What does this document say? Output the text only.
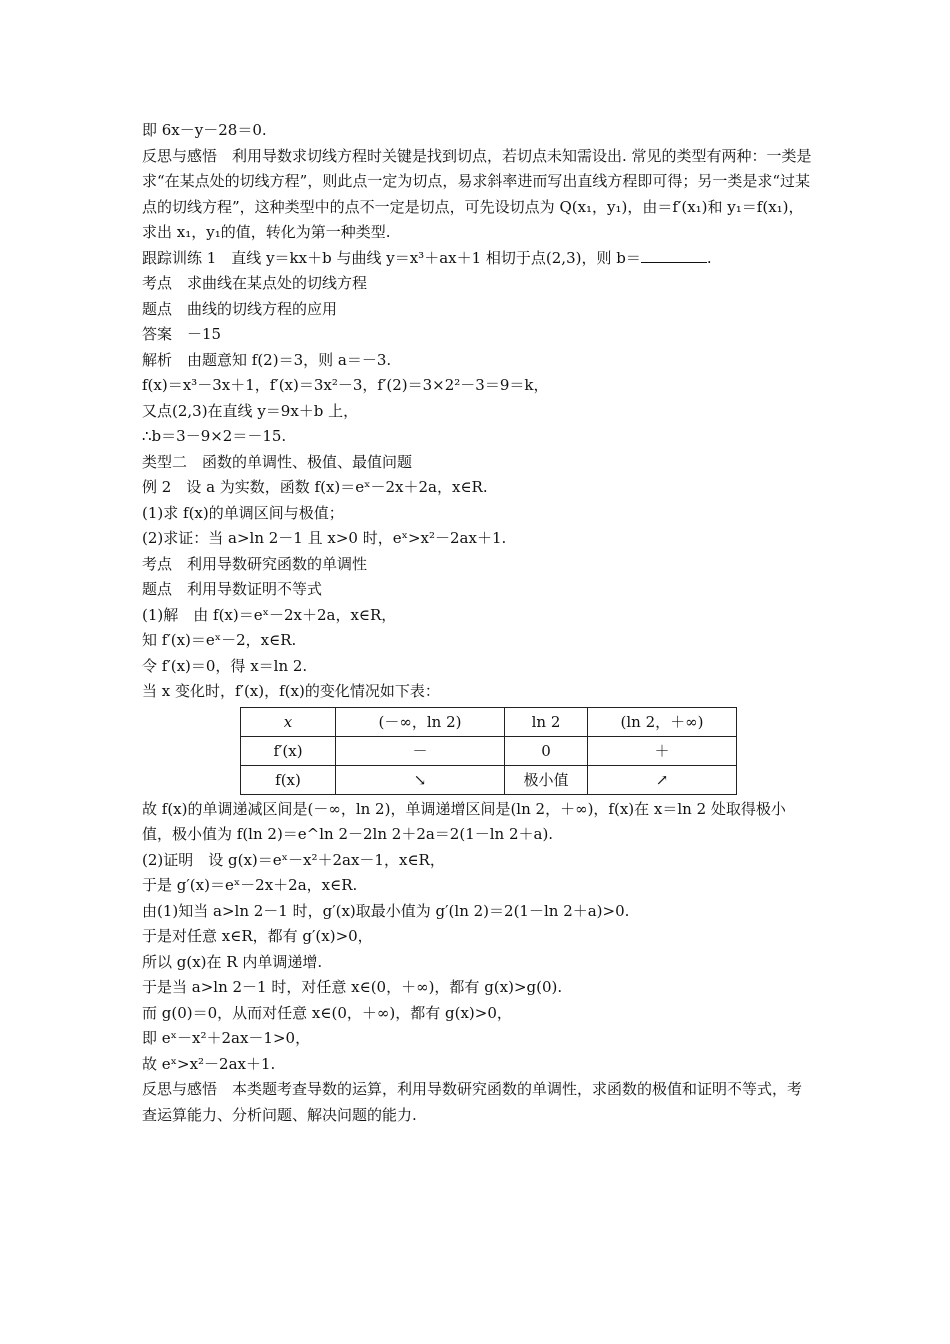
即 6x－y－28＝0.
反思与感悟　利用导数求切线方程时关键是找到切点，若切点未知需设出. 常见的类型有两种：一类是求“在某点处的切线方程”，则此点一定为切点，易求斜率进而写出直线方程即可得；另一类是求“过某点的切线方程”，这种类型中的点不一定是切点，可先设切点为 Q(x₁，y₁)，由＝f′(x₁)和 y₁＝f(x₁)，求出 x₁，y₁的值，转化为第一种类型.
跟踪训练 1　直线 y＝kx＋b 与曲线 y＝x³＋ax＋1 相切于点(2,3)，则 b＝	.
考点　求曲线在某点处的切线方程
题点　曲线的切线方程的应用
答案　－15
解析　由题意知 f(2)＝3，则 a＝－3.
f(x)＝x³－3x＋1，f′(x)＝3x²－3，f′(2)＝3×2²－3＝9＝k，
又点(2,3)在直线 y＝9x＋b 上，
∴b＝3－9×2＝－15.
类型二　函数的单调性、极值、最值问题
例 2　设 a 为实数，函数 f(x)＝eˣ－2x＋2a，x∈R.
(1)求 f(x)的单调区间与极值；
(2)求证：当 a>ln 2－1 且 x>0 时，eˣ>x²－2ax＋1.
考点　利用导数研究函数的单调性
题点　利用导数证明不等式
(1)解　由 f(x)＝eˣ－2x＋2a，x∈R，
知 f′(x)＝eˣ－2，x∈R.
令 f′(x)＝0，得 x＝ln 2.
当 x 变化时，f′(x)，f(x)的变化情况如下表：
x	(－∞，ln 2)	ln 2	(ln 2，＋∞)
f′(x)	－	0	＋
f(x)	↘	极小值	↗
故 f(x)的单调递减区间是(－∞，ln 2)，单调递增区间是(ln 2，＋∞)，f(x)在 x＝ln 2 处取得极小值，极小值为 f(ln 2)＝e^ln 2－2ln 2＋2a＝2(1－ln 2＋a).
(2)证明　设 g(x)＝eˣ－x²＋2ax－1，x∈R，
于是 g′(x)＝eˣ－2x＋2a，x∈R.
由(1)知当 a>ln 2－1 时，g′(x)取最小值为 g′(ln 2)＝2(1－ln 2＋a)>0.
于是对任意 x∈R，都有 g′(x)>0，
所以 g(x)在 R 内单调递增.
于是当 a>ln 2－1 时，对任意 x∈(0，＋∞)，都有 g(x)>g(0).
而 g(0)＝0，从而对任意 x∈(0，＋∞)，都有 g(x)>0，
即 eˣ－x²＋2ax－1>0，
故 eˣ>x²－2ax＋1.
反思与感悟　本类题考查导数的运算，利用导数研究函数的单调性，求函数的极值和证明不等式，考查运算能力、分析问题、解决问题的能力.
